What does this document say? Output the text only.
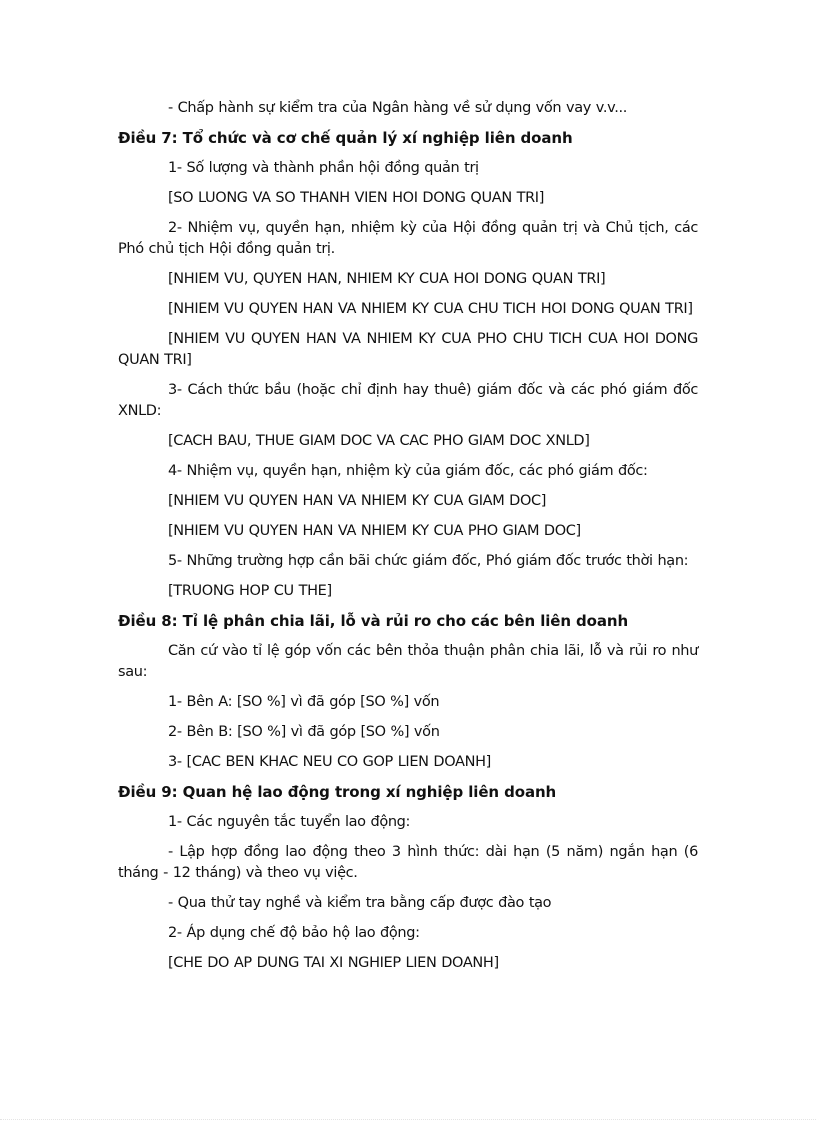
- Chấp hành sự kiểm tra của Ngân hàng về sử dụng vốn vay v.v...

Điều 7: Tổ chức và cơ chế quản lý xí nghiệp liên doanh

1- Số lượng và thành phần hội đồng quản trị

[SO LUONG VA SO THANH VIEN HOI DONG QUAN TRI]

2- Nhiệm vụ, quyền hạn, nhiệm kỳ của Hội đồng quản trị và Chủ tịch, các Phó chủ tịch Hội đồng quản trị.

[NHIEM VU, QUYEN HAN, NHIEM KY CUA HOI DONG QUAN TRI]

[NHIEM VU QUYEN HAN VA NHIEM KY CUA CHU TICH HOI DONG QUAN TRI]

[NHIEM VU QUYEN HAN VA NHIEM KY CUA PHO CHU TICH CUA HOI DONG QUAN TRI]

3- Cách thức bầu (hoặc chỉ định hay thuê) giám đốc và các phó giám đốc XNLD:

[CACH BAU, THUE GIAM DOC VA CAC PHO GIAM DOC XNLD]

4- Nhiệm vụ, quyền hạn, nhiệm kỳ của giám đốc, các phó giám đốc:

[NHIEM VU QUYEN HAN VA NHIEM KY CUA GIAM DOC]

[NHIEM VU QUYEN HAN VA NHIEM KY CUA PHO GIAM DOC]

5- Những trường hợp cần bãi chức giám đốc, Phó giám đốc trước thời hạn:

[TRUONG HOP CU THE]

Điều 8: Tỉ lệ phân chia lãi, lỗ và rủi ro cho các bên liên doanh

Căn cứ vào tỉ lệ góp vốn các bên thỏa thuận phân chia lãi, lỗ và rủi ro như sau:

1- Bên A: [SO %] vì đã góp [SO %] vốn

2- Bên B: [SO %] vì đã góp [SO %] vốn

3- [CAC BEN KHAC NEU CO GOP LIEN DOANH]

Điều 9: Quan hệ lao động trong xí nghiệp liên doanh

1- Các nguyên tắc tuyển lao động:

- Lập hợp đồng lao động theo 3 hình thức: dài hạn (5 năm) ngắn hạn (6 tháng - 12 tháng) và theo vụ việc.

- Qua thử tay nghề và kiểm tra bằng cấp được đào tạo

2- Áp dụng chế độ bảo hộ lao động:

[CHE DO AP DUNG TAI XI NGHIEP LIEN DOANH]
